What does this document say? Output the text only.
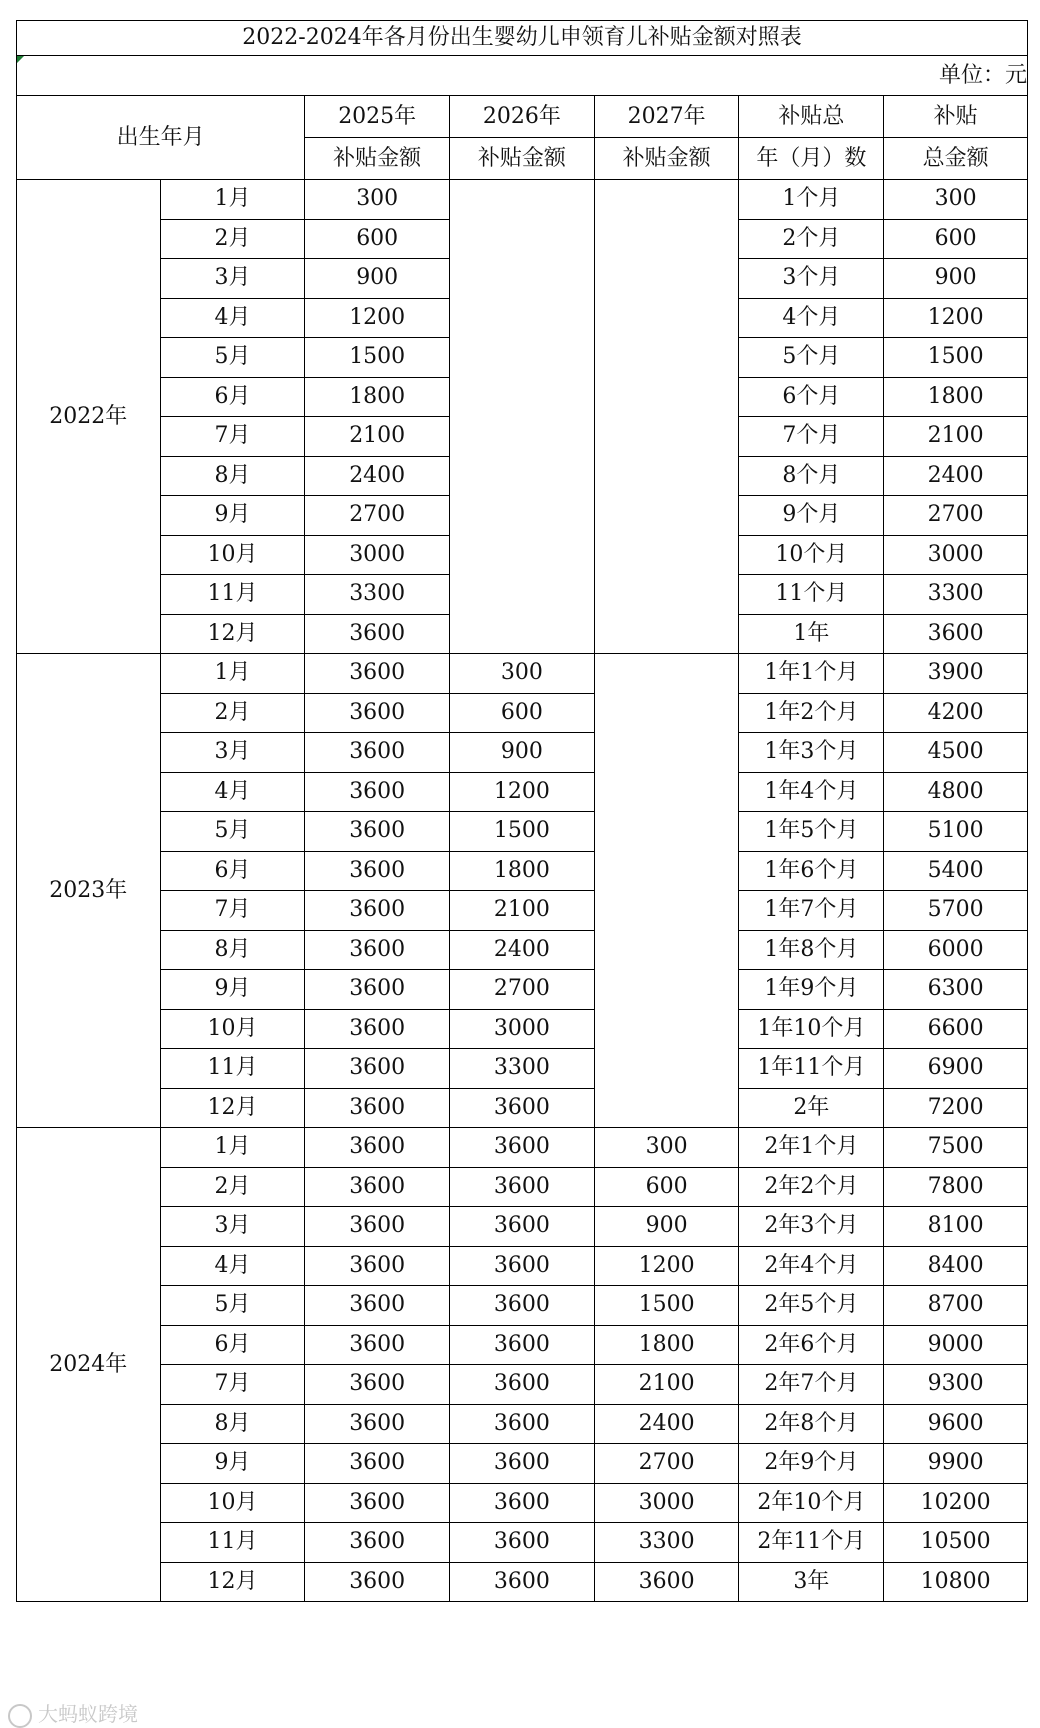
2022-2024年各月份出生婴幼儿申领育儿补贴金额对照表						

单位：元						
出生年月		2025年	2026年	2027年	补贴总	补贴
		补贴金额	补贴金额	补贴金额	年（月）数	总金额
2022年	1月	300			1个月	300
	2月	600			2个月	600
	3月	900			3个月	900
	4月	1200			4个月	1200
	5月	1500			5个月	1500
	6月	1800			6个月	1800
	7月	2100			7个月	2100
	8月	2400			8个月	2400
	9月	2700			9个月	2700
	10月	3000			10个月	3000
	11月	3300			11个月	3300
	12月	3600			1年	3600
2023年	1月	3600	300		1年1个月	3900
	2月	3600	600		1年2个月	4200
	3月	3600	900		1年3个月	4500
	4月	3600	1200		1年4个月	4800
	5月	3600	1500		1年5个月	5100
	6月	3600	1800		1年6个月	5400
	7月	3600	2100		1年7个月	5700
	8月	3600	2400		1年8个月	6000
	9月	3600	2700		1年9个月	6300
	10月	3600	3000		1年10个月	6600
	11月	3600	3300		1年11个月	6900
	12月	3600	3600		2年	7200
2024年	1月	3600	3600	300	2年1个月	7500
	2月	3600	3600	600	2年2个月	7800
	3月	3600	3600	900	2年3个月	8100
	4月	3600	3600	1200	2年4个月	8400
	5月	3600	3600	1500	2年5个月	8700
	6月	3600	3600	1800	2年6个月	9000
	7月	3600	3600	2100	2年7个月	9300
	8月	3600	3600	2400	2年8个月	9600
	9月	3600	3600	2700	2年9个月	9900
	10月	3600	3600	3000	2年10个月	10200
	11月	3600	3600	3300	2年11个月	10500
	12月	3600	3600	3600	3年	10800
大蚂蚁跨境
